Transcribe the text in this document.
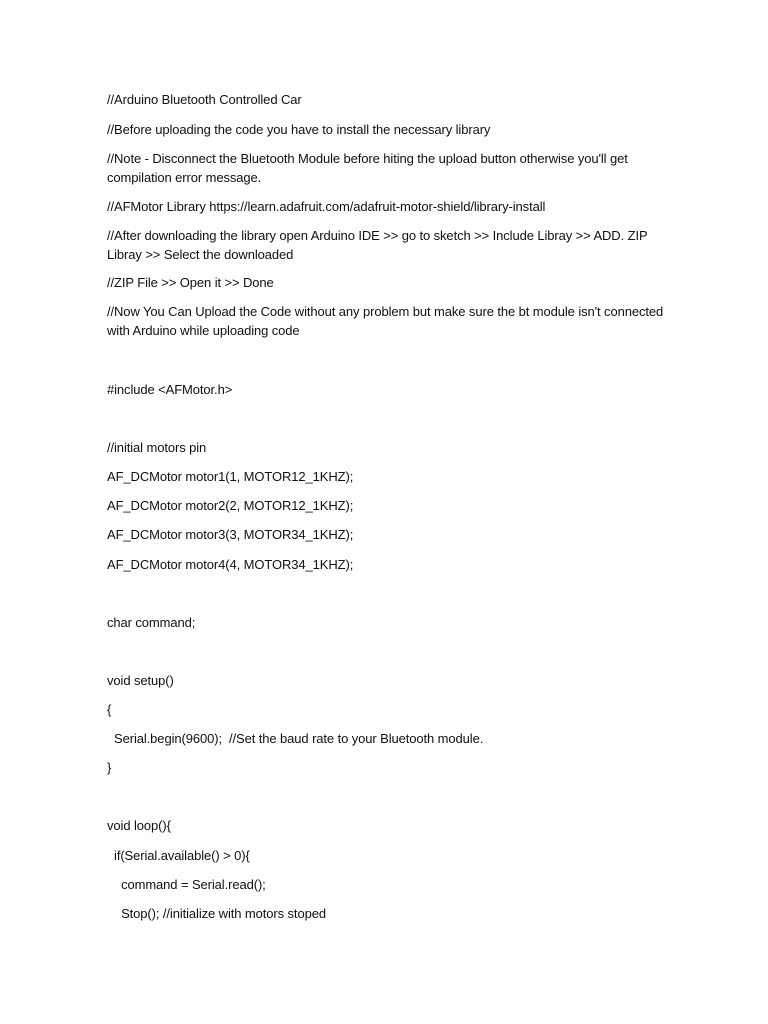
//Arduino Bluetooth Controlled Car
//Before uploading the code you have to install the necessary library
//Note - Disconnect the Bluetooth Module before hiting the upload button otherwise you'll get compilation error message.
//AFMotor Library https://learn.adafruit.com/adafruit-motor-shield/library-install
//After downloading the library open Arduino IDE >> go to sketch >> Include Libray >> ADD. ZIP Libray >> Select the downloaded
//ZIP File >> Open it >> Done
//Now You Can Upload the Code without any problem but make sure the bt module isn't connected with Arduino while uploading code
#include <AFMotor.h>
//initial motors pin
AF_DCMotor motor1(1, MOTOR12_1KHZ);
AF_DCMotor motor2(2, MOTOR12_1KHZ);
AF_DCMotor motor3(3, MOTOR34_1KHZ);
AF_DCMotor motor4(4, MOTOR34_1KHZ);
char command;
void setup()
{
Serial.begin(9600);  //Set the baud rate to your Bluetooth module.
}
void loop(){
if(Serial.available() > 0){
command = Serial.read();
Stop(); //initialize with motors stoped
